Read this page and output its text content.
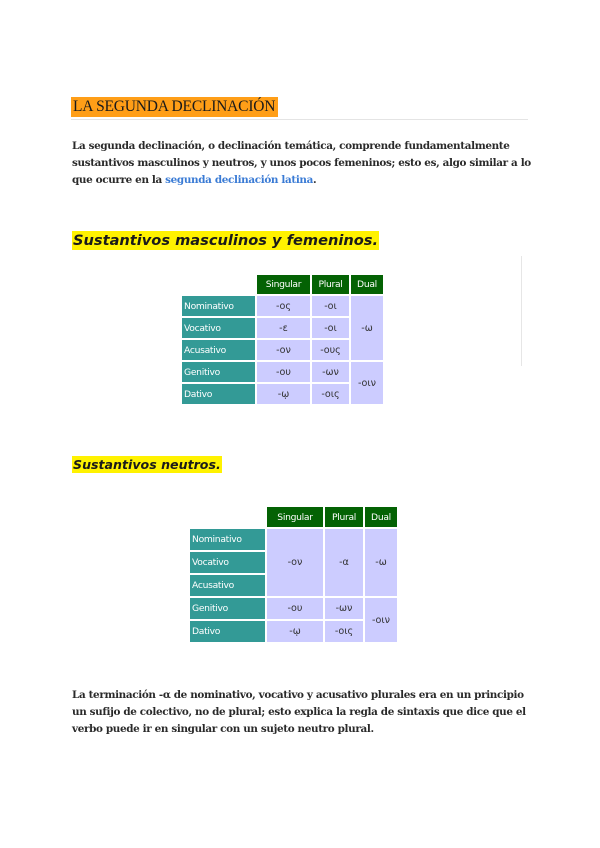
LA SEGUNDA DECLINACIÓN

La segunda declinación, o declinación temática, comprende fundamentalmente sustantivos masculinos y neutros, y unos pocos femeninos; esto es, algo similar a lo que ocurre en la segunda declinación latina.

Sustantivos masculinos y femeninos.
	Singular	Plural	Dual
Nominativo	-ος	-οι	-ω
Vocativo	-ε	-οι	
Acusativo	-ον	-ους	
Genitivo	-ου	-ων	-οιν
Dativo	-ῳ	-οις	
Sustantivos neutros.
	Singular	Plural	Dual
Nominativo	-ον	-α	-ω
Vocativo			
Acusativo			
Genitivo	-ου	-ων	-οιν
Dativo	-ῳ	-οις	

La terminación -α de nominativo, vocativo y acusativo plurales era en un principio un sufijo de colectivo, no de plural; esto explica la regla de sintaxis que dice que el verbo puede ir en singular con un sujeto neutro plural.
